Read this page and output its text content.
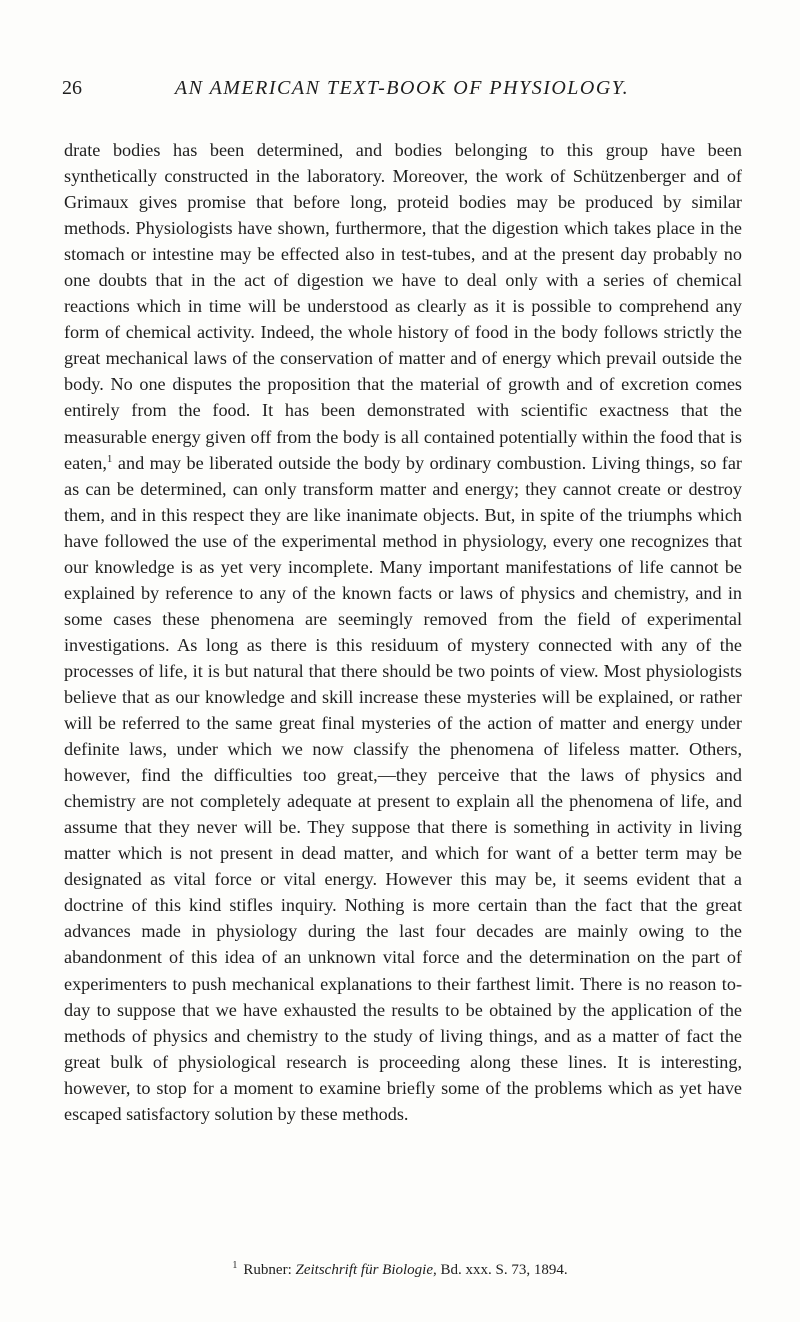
26	AN AMERICAN TEXT-BOOK OF PHYSIOLOGY.

drate bodies has been determined, and bodies belonging to this group have been synthetically constructed in the laboratory. Moreover, the work of Schützenberger and of Grimaux gives promise that before long, proteid bodies may be produced by similar methods. Physiologists have shown, furthermore, that the digestion which takes place in the stomach or intestine may be effected also in test-tubes, and at the present day probably no one doubts that in the act of digestion we have to deal only with a series of chemical reactions which in time will be understood as clearly as it is possible to comprehend any form of chemical activity. Indeed, the whole history of food in the body follows strictly the great mechanical laws of the conservation of matter and of energy which prevail outside the body. No one disputes the proposition that the material of growth and of excretion comes entirely from the food. It has been demonstrated with scientific exactness that the measurable energy given off from the body is all contained potentially within the food that is eaten,$^1$ and may be liberated outside the body by ordinary combustion. Living things, so far as can be determined, can only transform matter and energy; they cannot create or destroy them, and in this respect they are like inanimate objects. But, in spite of the triumphs which have followed the use of the experimental method in physiology, every one recognizes that our knowledge is as yet very incomplete. Many important manifestations of life cannot be explained by reference to any of the known facts or laws of physics and chemistry, and in some cases these phenomena are seemingly removed from the field of experimental investigations. As long as there is this residuum of mystery connected with any of the processes of life, it is but natural that there should be two points of view. Most physiologists believe that as our knowledge and skill increase these mysteries will be explained, or rather will be referred to the same great final mysteries of the action of matter and energy under definite laws, under which we now classify the phenomena of lifeless matter. Others, however, find the difficulties too great,—they perceive that the laws of physics and chemistry are not completely adequate at present to explain all the phenomena of life, and assume that they never will be. They suppose that there is something in activity in living matter which is not present in dead matter, and which for want of a better term may be designated as vital force or vital energy. However this may be, it seems evident that a doctrine of this kind stifles inquiry. Nothing is more certain than the fact that the great advances made in physiology during the last four decades are mainly owing to the abandonment of this idea of an unknown vital force and the determination on the part of experimenters to push mechanical explanations to their farthest limit. There is no reason to-day to suppose that we have exhausted the results to be obtained by the application of the methods of physics and chemistry to the study of living things, and as a matter of fact the great bulk of physiological research is proceeding along these lines. It is interesting, however, to stop for a moment to examine briefly some of the problems which as yet have escaped satisfactory solution by these methods.

$^1$ Rubner: Zeitschrift für Biologie, Bd. xxx. S. 73, 1894.
